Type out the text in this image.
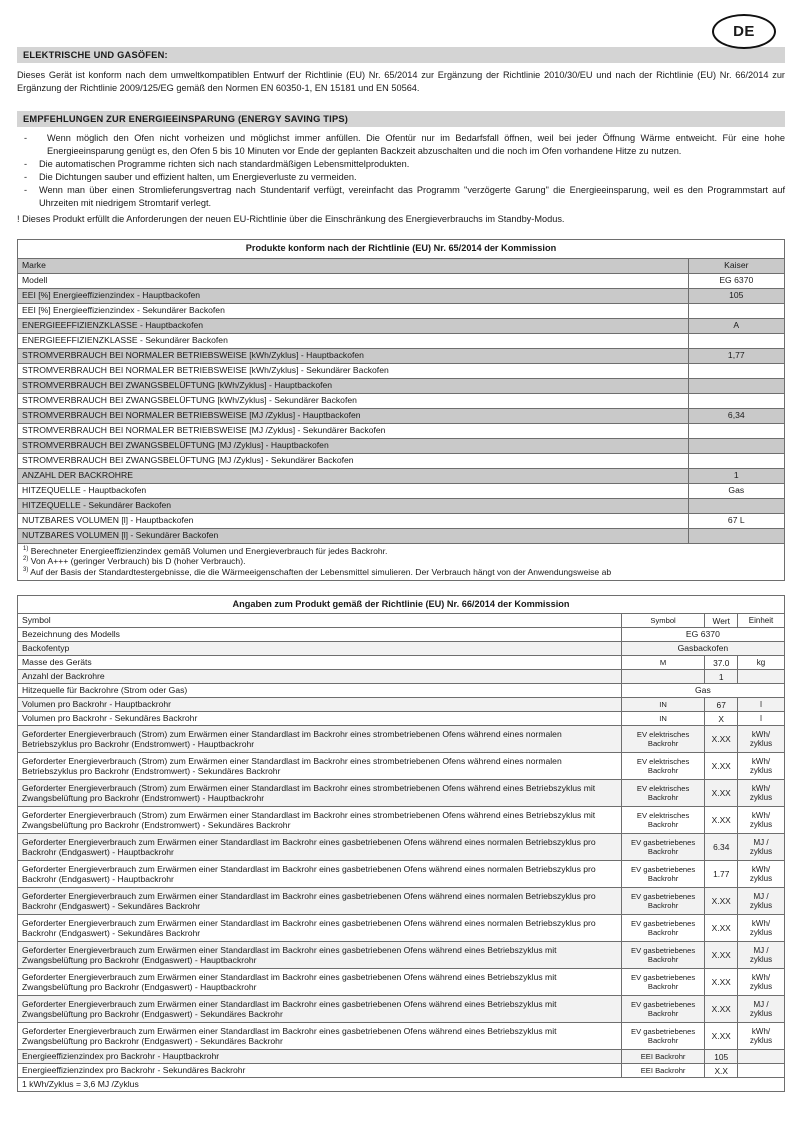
DE
ELEKTRISCHE UND GASÖFEN:
Dieses Gerät ist konform nach dem umweltkompatiblen Entwurf der Richtlinie (EU) Nr. 65/2014 zur Ergänzung der Richtlinie 2010/30/EU und nach der Richtlinie (EU) Nr. 66/2014 zur Ergänzung der Richtlinie 2009/125/EG gemäß den Normen EN 60350-1, EN 15181 und EN 50564.
EMPFEHLUNGEN ZUR ENERGIEEINSPARUNG (ENERGY SAVING TIPS)
-	Wenn möglich den Ofen nicht vorheizen und möglichst immer anfüllen. Die Ofentür nur im Bedarfsfall öffnen, weil bei jeder Öffnung Wärme entweicht. Für eine hohe Energieeinsparung genügt es, den Ofen 5 bis 10 Minuten vor Ende der geplanten Backzeit abzuschalten und die noch im Ofen vorhandene Hitze zu nutzen.
-	Die automatischen Programme richten sich nach standardmäßigen Lebensmittelprodukten.
-	Die Dichtungen sauber und effizient halten, um Energieverluste zu vermeiden.
-	Wenn man über einen Stromlieferungsvertrag nach Stundentarif verfügt, vereinfacht das Programm "verzögerte Garung" die Energieeinsparung, weil es den Programmstart auf Uhrzeiten mit niedrigem Stromtarif verlegt.
! Dieses Produkt erfüllt die Anforderungen der neuen EU-Richtlinie über die Einschränkung des Energieverbrauchs im Standby-Modus.
Produkte konform nach der Richtlinie (EU) Nr. 65/2014 der Kommission	
Marke	Kaiser
Modell	EG 6370
EEI [%] Energieeffizienzindex - Hauptbackofen	105
EEI [%] Energieeffizienzindex - Sekundärer Backofen	
ENERGIEEFFIZIENZKLASSE - Hauptbackofen	A
ENERGIEEFFIZIENZKLASSE - Sekundärer Backofen	
STROMVERBRAUCH BEI NORMALER BETRIEBSWEISE [kWh/Zyklus] - Hauptbackofen	1,77
STROMVERBRAUCH BEI NORMALER BETRIEBSWEISE [kWh/Zyklus] - Sekundärer Backofen	
STROMVERBRAUCH BEI ZWANGSBELÜFTUNG [kWh/Zyklus] - Hauptbackofen	
STROMVERBRAUCH BEI ZWANGSBELÜFTUNG [kWh/Zyklus] - Sekundärer Backofen	
STROMVERBRAUCH BEI NORMALER BETRIEBSWEISE [MJ /Zyklus] - Hauptbackofen	6,34
STROMVERBRAUCH BEI NORMALER BETRIEBSWEISE [MJ /Zyklus] - Sekundärer Backofen	
STROMVERBRAUCH BEI ZWANGSBELÜFTUNG [MJ /Zyklus] - Hauptbackofen	
STROMVERBRAUCH BEI ZWANGSBELÜFTUNG [MJ /Zyklus] - Sekundärer Backofen	
ANZAHL DER BACKROHRE	1
HITZEQUELLE - Hauptbackofen	Gas
HITZEQUELLE - Sekundärer Backofen	
NUTZBARES VOLUMEN [l] - Hauptbackofen	67 L
NUTZBARES VOLUMEN [l] - Sekundärer Backofen	

$^{1)}$ Berechneter Energieeffizienzindex gemäß Volumen und Energieverbrauch für jedes Backrohr.
$^{2)}$ Von A+++ (geringer Verbrauch) bis D (hoher Verbrauch).
$^{3)}$ Auf der Basis der Standardtestergebnisse, die die Wärmeeigenschaften der Lebensmittel simulieren. Der Verbrauch hängt von der Anwendungsweise ab	
Angaben zum Produkt gemäß der Richtlinie (EU) Nr. 66/2014 der Kommission			
Symbol	Symbol	Wert	Einheit
Bezeichnung des Modells	EG 6370		
Backofentyp	Gasbackofen		
Masse des Geräts	M	37.0	kg
Anzahl der Backrohre		1	
Hitzequelle für Backrohre (Strom oder Gas)	Gas		
Volumen pro Backrohr - Hauptbackrohr	IN	67	l
Volumen pro Backrohr - Sekundäres Backrohr	IN	X	l
Geforderter Energieverbrauch (Strom) zum Erwärmen einer Standardlast im Backrohr eines strombetriebenen Ofens während eines normalen Betriebszyklus pro Backrohr (Endstromwert) - Hauptbackrohr	EV elektrisches Backrohr	X.XX	kWh/ zyklus
Geforderter Energieverbrauch (Strom) zum Erwärmen einer Standardlast im Backrohr eines strombetriebenen Ofens während eines normalen Betriebszyklus pro Backrohr (Endstromwert) - Sekundäres Backrohr	EV elektrisches Backrohr	X.XX	kWh/ zyklus
Geforderter Energieverbrauch (Strom) zum Erwärmen einer Standardlast im Backrohr eines strombetriebenen Ofens während eines Betriebszyklus mit Zwangsbelüftung pro Backrohr (Endstromwert) - Hauptbackrohr	EV elektrisches Backrohr	X.XX	kWh/ zyklus
Geforderter Energieverbrauch (Strom) zum Erwärmen einer Standardlast im Backrohr eines strombetriebenen Ofens während eines Betriebszyklus mit Zwangsbelüftung pro Backrohr (Endstromwert) - Sekundäres Backrohr	EV elektrisches Backrohr	X.XX	kWh/ zyklus
Geforderter Energieverbrauch zum Erwärmen einer Standardlast im Backrohr eines gasbetriebenen Ofens während eines normalen Betriebszyklus pro Backrohr (Endgaswert) - Hauptbackrohr	EV gasbetriebenes Backrohr	6.34	MJ / zyklus
Geforderter Energieverbrauch zum Erwärmen einer Standardlast im Backrohr eines gasbetriebenen Ofens während eines normalen Betriebszyklus pro Backrohr (Endgaswert) - Hauptbackrohr	EV gasbetriebenes Backrohr	1.77	kWh/ zyklus
Geforderter Energieverbrauch zum Erwärmen einer Standardlast im Backrohr eines gasbetriebenen Ofens während eines normalen Betriebszyklus pro Backrohr (Endgaswert) - Sekundäres Backrohr	EV gasbetriebenes Backrohr	X.XX	MJ / zyklus
Geforderter Energieverbrauch zum Erwärmen einer Standardlast im Backrohr eines gasbetriebenen Ofens während eines normalen Betriebszyklus pro Backrohr (Endgaswert) - Sekundäres Backrohr	EV gasbetriebenes Backrohr	X.XX	kWh/ zyklus
Geforderter Energieverbrauch zum Erwärmen einer Standardlast im Backrohr eines gasbetriebenen Ofens während eines Betriebszyklus mit Zwangsbelüftung pro Backrohr (Endgaswert) - Hauptbackrohr	EV gasbetriebenes Backrohr	X.XX	MJ / zyklus
Geforderter Energieverbrauch zum Erwärmen einer Standardlast im Backrohr eines gasbetriebenen Ofens während eines Betriebszyklus mit Zwangsbelüftung pro Backrohr (Endgaswert) - Hauptbackrohr	EV gasbetriebenes Backrohr	X.XX	kWh/ zyklus
Geforderter Energieverbrauch zum Erwärmen einer Standardlast im Backrohr eines gasbetriebenen Ofens während eines Betriebszyklus mit Zwangsbelüftung pro Backrohr (Endgaswert) - Sekundäres Backrohr	EV gasbetriebenes Backrohr	X.XX	MJ / zyklus
Geforderter Energieverbrauch zum Erwärmen einer Standardlast im Backrohr eines gasbetriebenen Ofens während eines Betriebszyklus mit Zwangsbelüftung pro Backrohr (Endgaswert) - Sekundäres Backrohr	EV gasbetriebenes Backrohr	X.XX	kWh/ zyklus
Energieeffizienzindex pro Backrohr - Hauptbackrohr	EEI Backrohr	105	
Energieeffizienzindex pro Backrohr - Sekundäres Backrohr	EEI Backrohr	X.X	
1 kWh/Zyklus = 3,6 MJ /Zyklus			
